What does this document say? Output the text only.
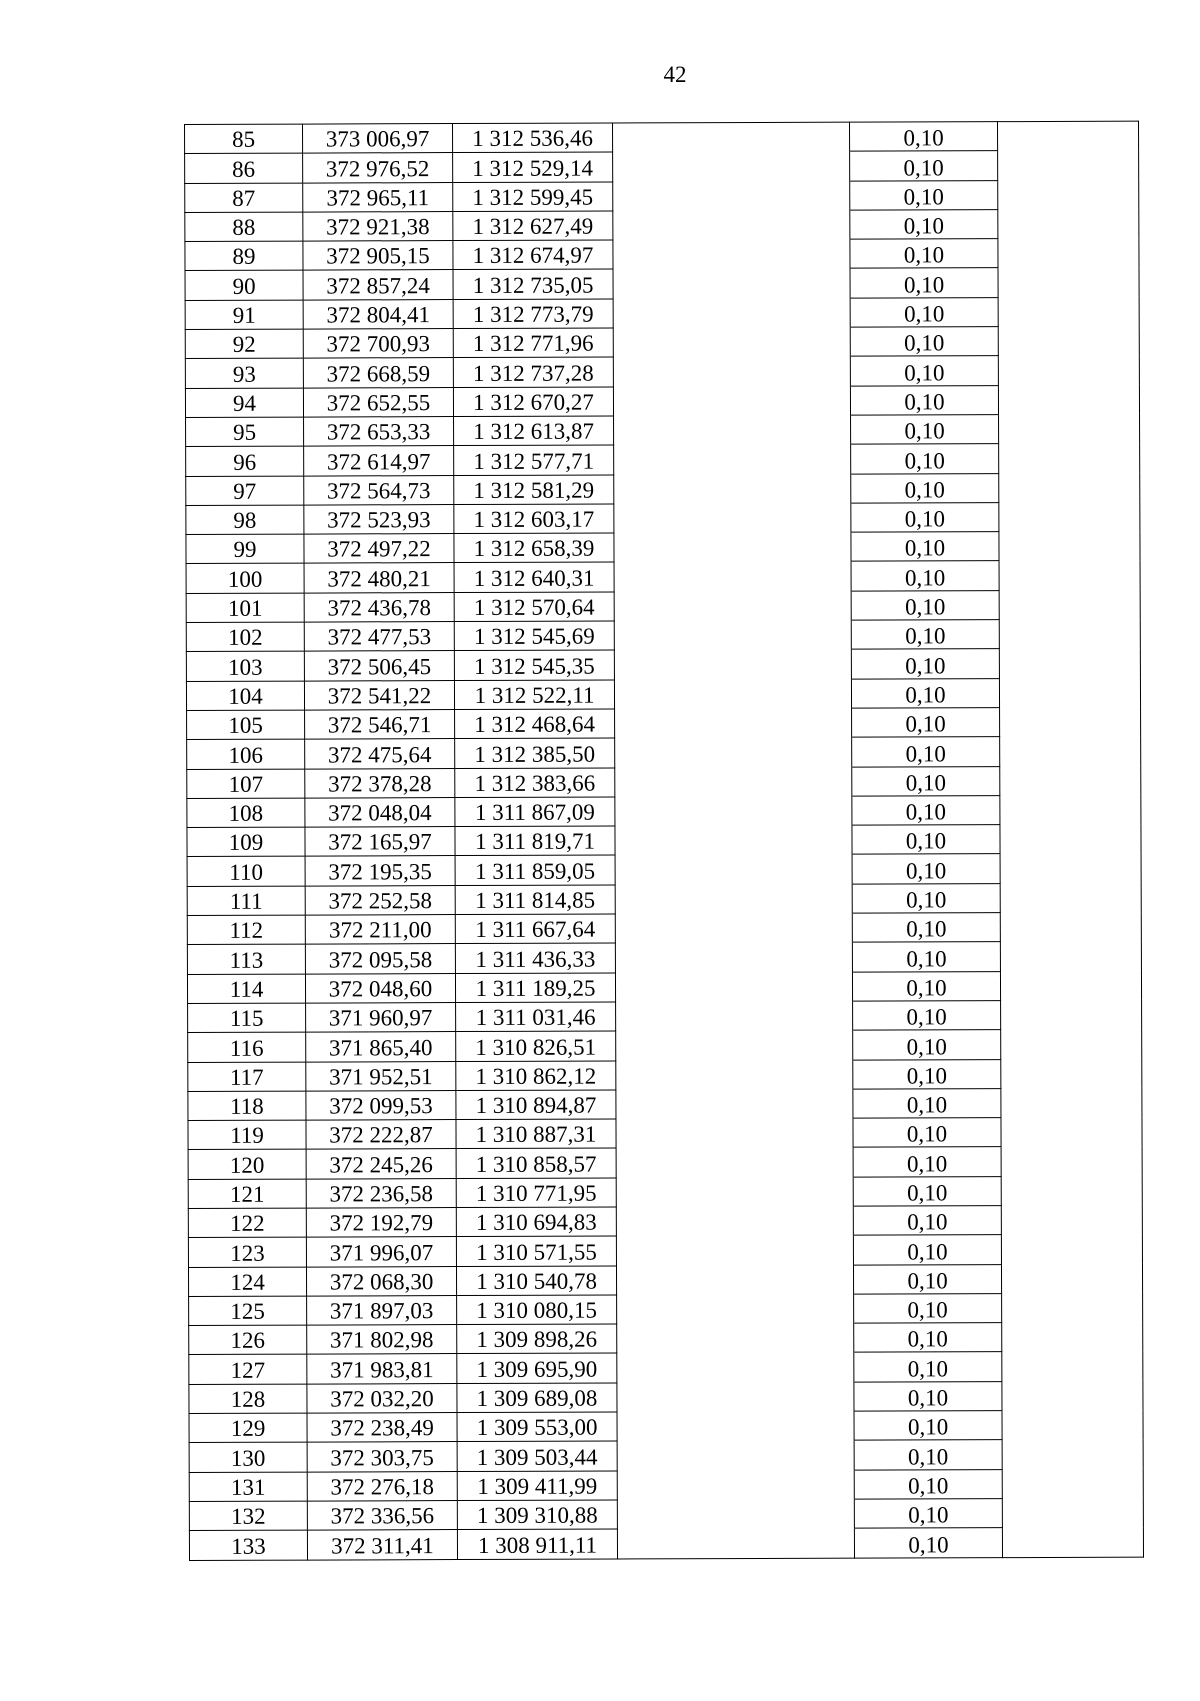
42
85	373 006,97	1 312 536,46		0,10	
86	372 976,52	1 312 529,14		0,10	
87	372 965,11	1 312 599,45		0,10	
88	372 921,38	1 312 627,49		0,10	
89	372 905,15	1 312 674,97		0,10	
90	372 857,24	1 312 735,05		0,10	
91	372 804,41	1 312 773,79		0,10	
92	372 700,93	1 312 771,96		0,10	
93	372 668,59	1 312 737,28		0,10	
94	372 652,55	1 312 670,27		0,10	
95	372 653,33	1 312 613,87		0,10	
96	372 614,97	1 312 577,71		0,10	
97	372 564,73	1 312 581,29		0,10	
98	372 523,93	1 312 603,17		0,10	
99	372 497,22	1 312 658,39		0,10	
100	372 480,21	1 312 640,31		0,10	
101	372 436,78	1 312 570,64		0,10	
102	372 477,53	1 312 545,69		0,10	
103	372 506,45	1 312 545,35		0,10	
104	372 541,22	1 312 522,11		0,10	
105	372 546,71	1 312 468,64		0,10	
106	372 475,64	1 312 385,50		0,10	
107	372 378,28	1 312 383,66		0,10	
108	372 048,04	1 311 867,09		0,10	
109	372 165,97	1 311 819,71		0,10	
110	372 195,35	1 311 859,05		0,10	
111	372 252,58	1 311 814,85		0,10	
112	372 211,00	1 311 667,64		0,10	
113	372 095,58	1 311 436,33		0,10	
114	372 048,60	1 311 189,25		0,10	
115	371 960,97	1 311 031,46		0,10	
116	371 865,40	1 310 826,51		0,10	
117	371 952,51	1 310 862,12		0,10	
118	372 099,53	1 310 894,87		0,10	
119	372 222,87	1 310 887,31		0,10	
120	372 245,26	1 310 858,57		0,10	
121	372 236,58	1 310 771,95		0,10	
122	372 192,79	1 310 694,83		0,10	
123	371 996,07	1 310 571,55		0,10	
124	372 068,30	1 310 540,78		0,10	
125	371 897,03	1 310 080,15		0,10	
126	371 802,98	1 309 898,26		0,10	
127	371 983,81	1 309 695,90		0,10	
128	372 032,20	1 309 689,08		0,10	
129	372 238,49	1 309 553,00		0,10	
130	372 303,75	1 309 503,44		0,10	
131	372 276,18	1 309 411,99		0,10	
132	372 336,56	1 309 310,88		0,10	
133	372 311,41	1 308 911,11		0,10	
